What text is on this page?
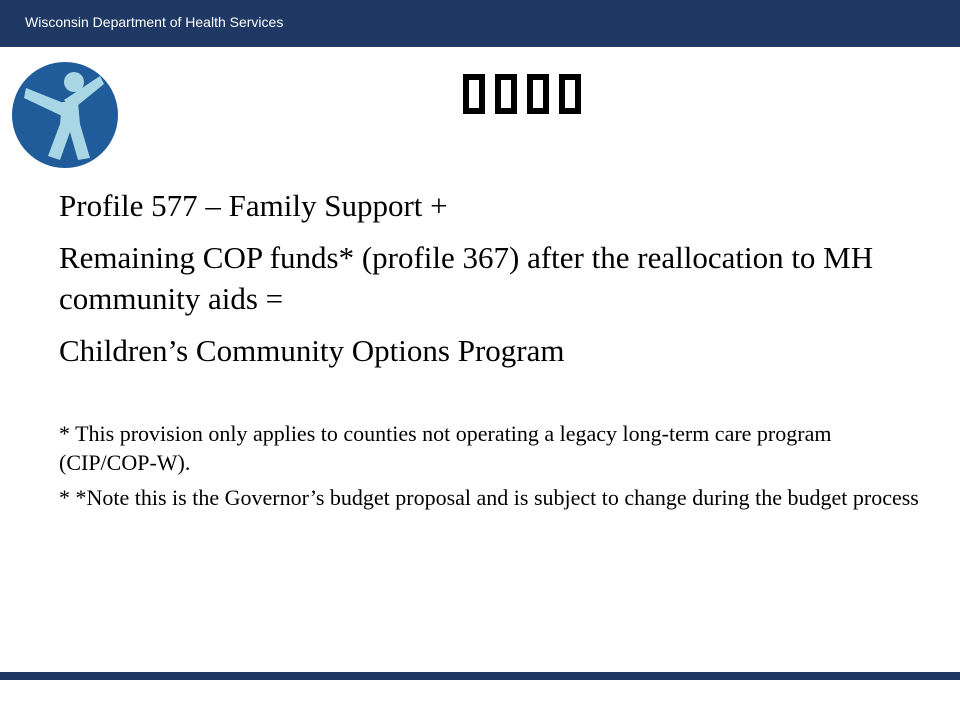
Wisconsin Department of Health Services

Profile 577 – Family Support +

Remaining COP funds* (profile 367) after the reallocation to MH community aids =

Children’s Community Options Program

* This provision only applies to counties not operating a legacy long-term care program (CIP/COP-W).

* *Note this is the Governor’s budget proposal and is subject to change during the budget process
